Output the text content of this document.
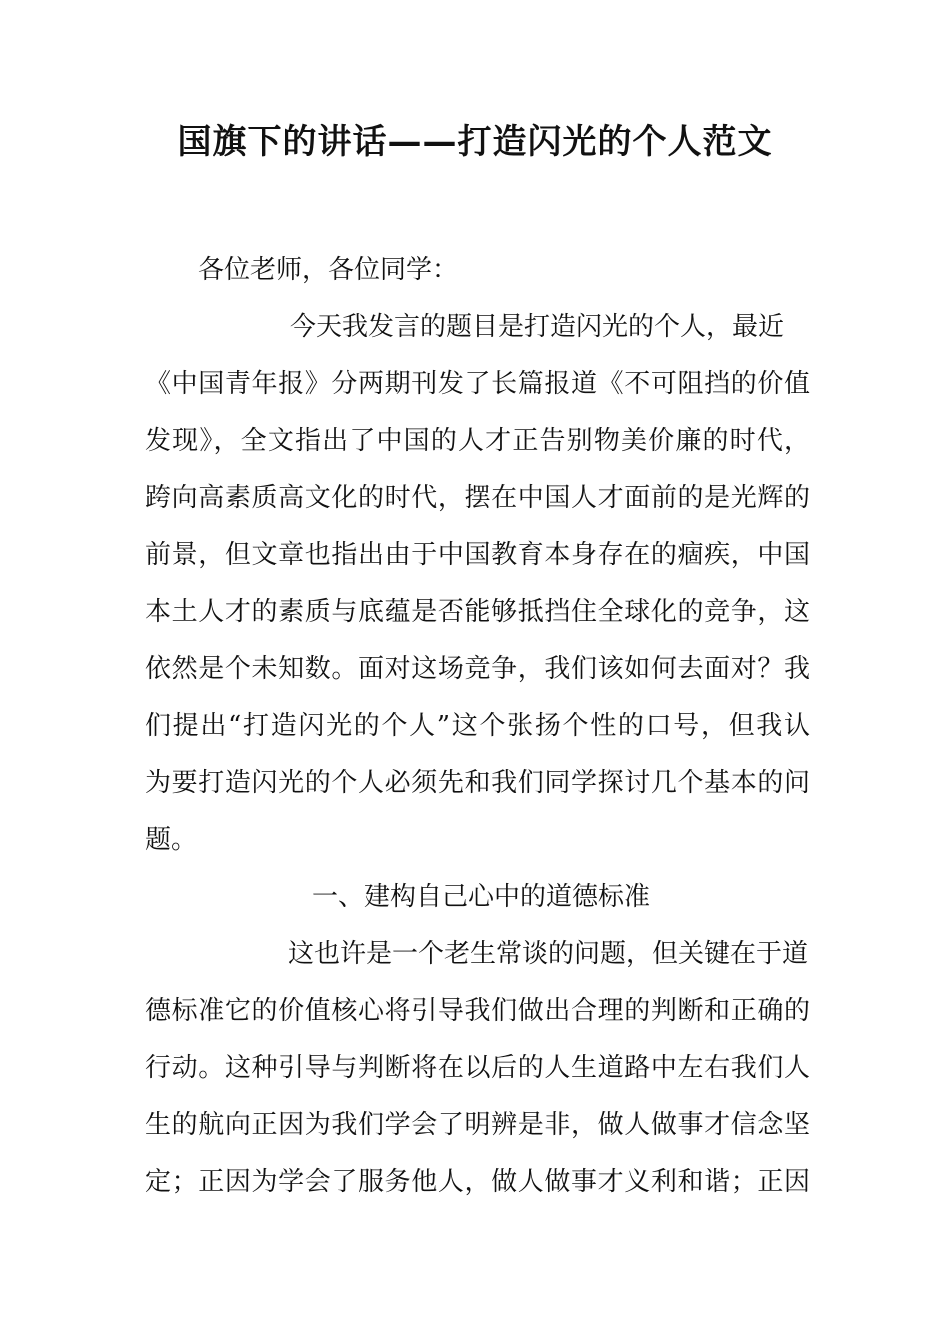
国旗下的讲话——打造闪光的个人范文

各位老师，各位同学：

今天我发言的题目是打造闪光的个人，最近

《中国青年报》分两期刊发了长篇报道《不可阻挡的价值

发现》，全文指出了中国的人才正告别物美价廉的时代，

跨向高素质高文化的时代，摆在中国人才面前的是光辉的

前景，但文章也指出由于中国教育本身存在的痼疾，中国

本土人才的素质与底蕴是否能够抵挡住全球化的竞争，这

依然是个未知数。面对这场竞争，我们该如何去面对？我

们提出“打造闪光的个人”这个张扬个性的口号，但我认

为要打造闪光的个人必须先和我们同学探讨几个基本的问

题。

一、建构自己心中的道德标准

这也许是一个老生常谈的问题，但关键在于道

德标准它的价值核心将引导我们做出合理的判断和正确的

行动。这种引导与判断将在以后的人生道路中左右我们人

生的航向正因为我们学会了明辨是非，做人做事才信念坚

定；正因为学会了服务他人，做人做事才义利和谐；正因
